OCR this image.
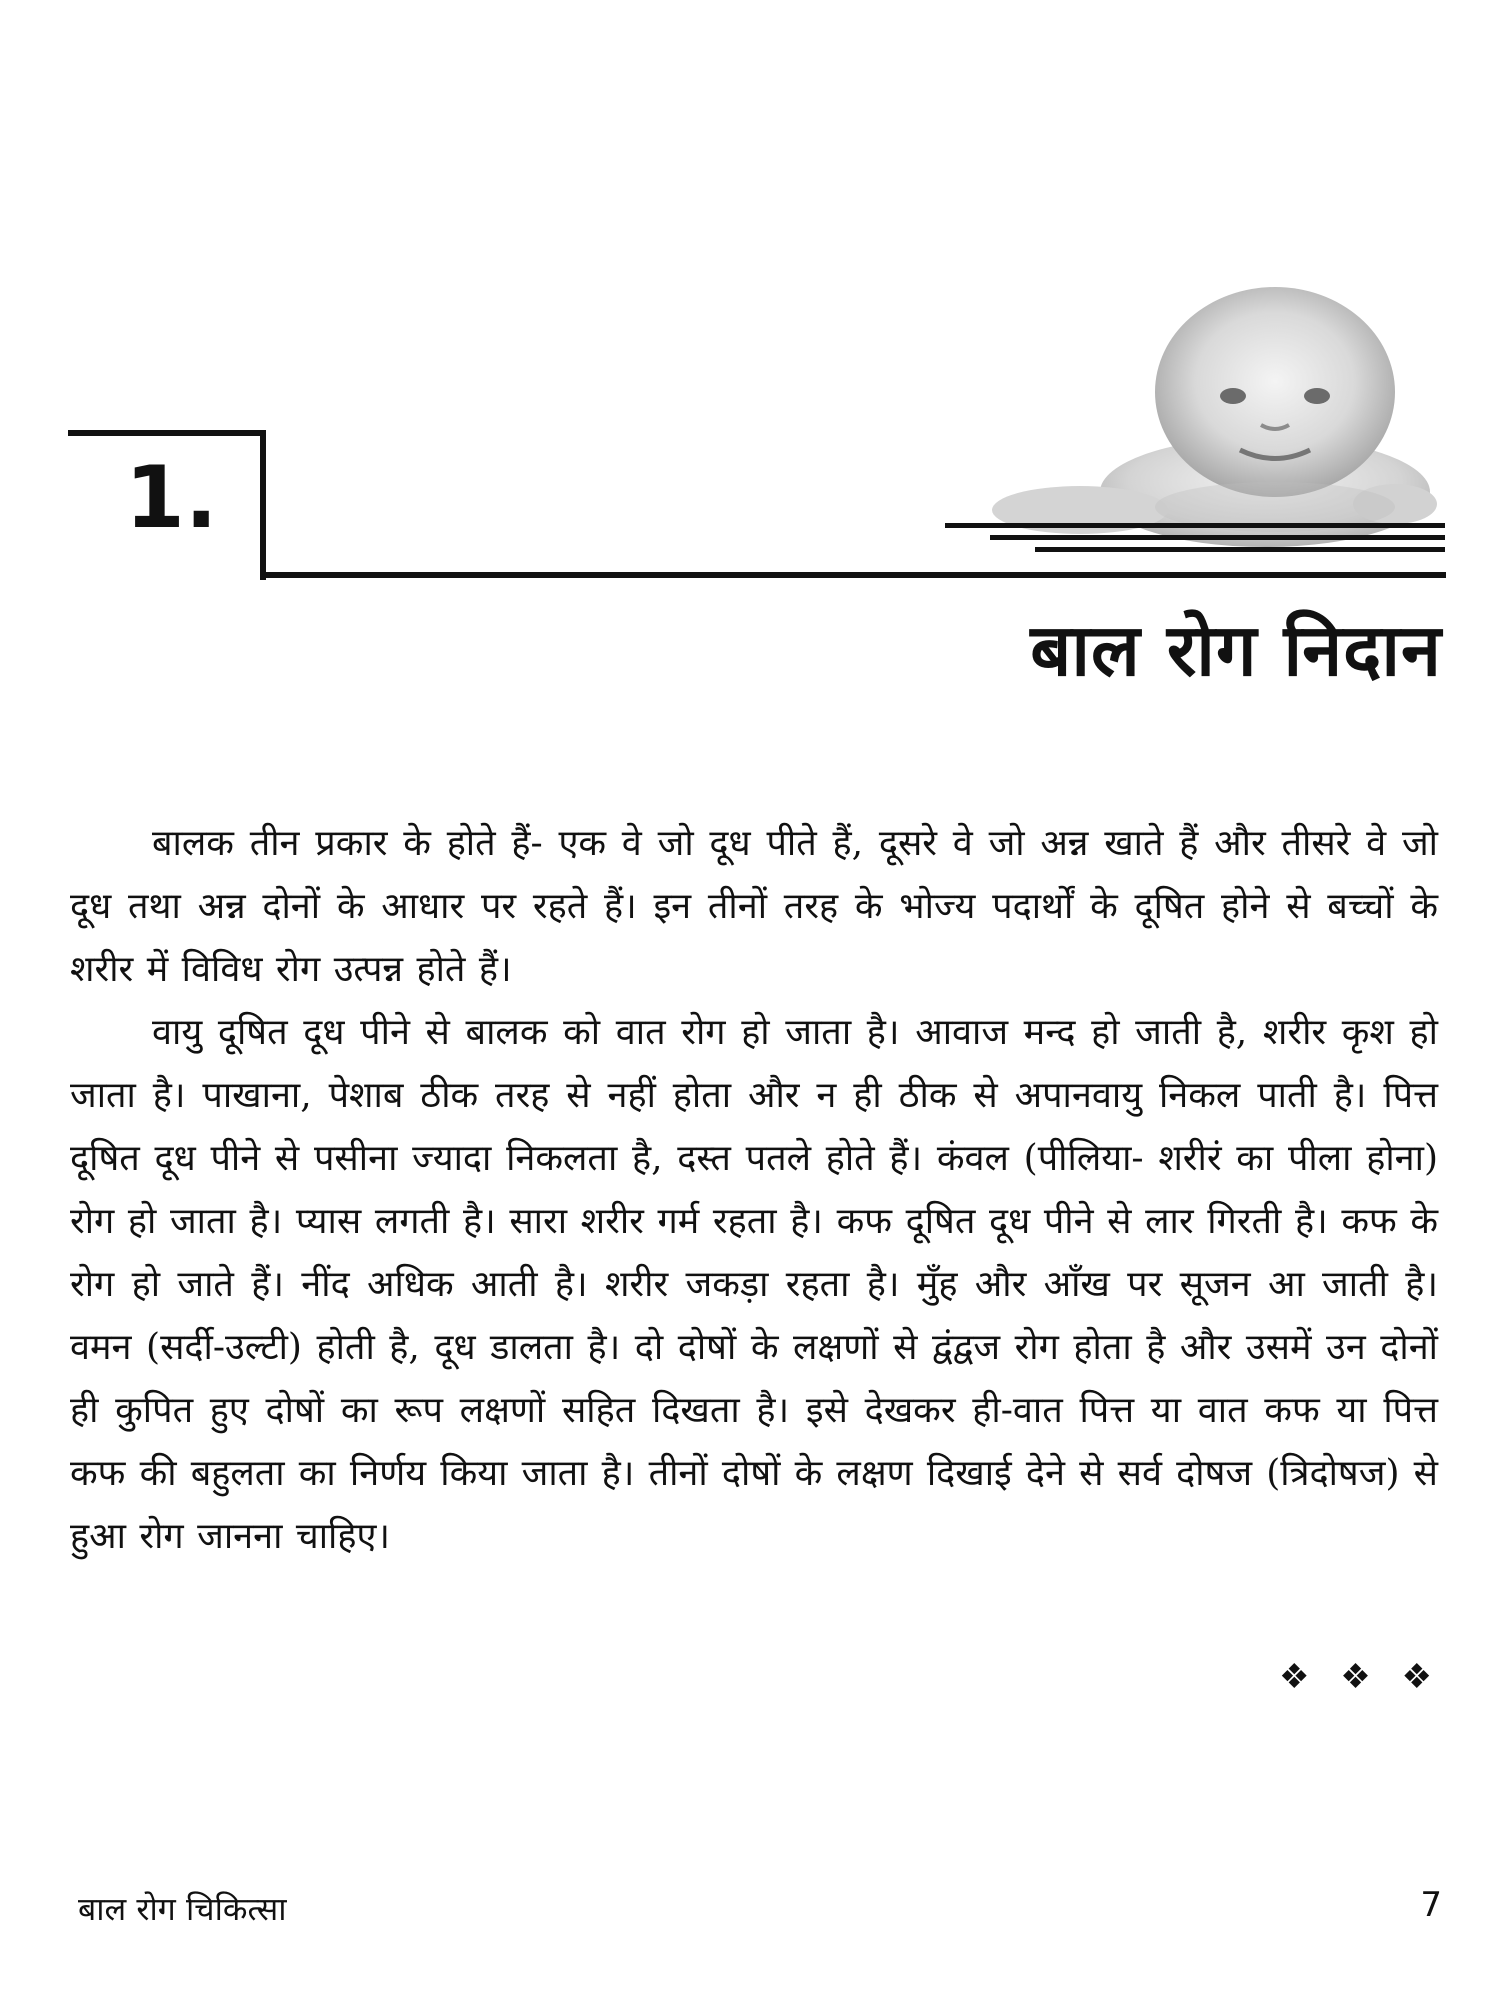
1.
बाल रोग निदान

बालक तीन प्रकार के होते हैं- एक वे जो दूध पीते हैं, दूसरे वे जो अन्न खाते हैं और तीसरे वे जो दूध तथा अन्न दोनों के आधार पर रहते हैं। इन तीनों तरह के भोज्य पदार्थों के दूषित होने से बच्चों के शरीर में विविध रोग उत्पन्न होते हैं।

वायु दूषित दूध पीने से बालक को वात रोग हो जाता है। आवाज मन्द हो जाती है, शरीर कृश हो जाता है। पाखाना, पेशाब ठीक तरह से नहीं होता और न ही ठीक से अपानवायु निकल पाती है। पित्त दूषित दूध पीने से पसीना ज्यादा निकलता है, दस्त पतले होते हैं। कंवल (पीलिया- शरीरं का पीला होना) रोग हो जाता है। प्यास लगती है। सारा शरीर गर्म रहता है। कफ दूषित दूध पीने से लार गिरती है। कफ के रोग हो जाते हैं। नींद अधिक आती है। शरीर जकड़ा रहता है। मुँह और आँख पर सूजन आ जाती है। वमन (सर्दी-उल्टी) होती है, दूध डालता है। दो दोषों के लक्षणों से द्वंद्वज रोग होता है और उसमें उन दोनों ही कुपित हुए दोषों का रूप लक्षणों सहित दिखता है। इसे देखकर ही-वात पित्त या वात कफ या पित्त कफ की बहुलता का निर्णय किया जाता है। तीनों दोषों के लक्षण दिखाई देने से सर्व दोषज (त्रिदोषज) से हुआ रोग जानना चाहिए।

❖ ❖ ❖
बाल रोग चिकित्सा	7
